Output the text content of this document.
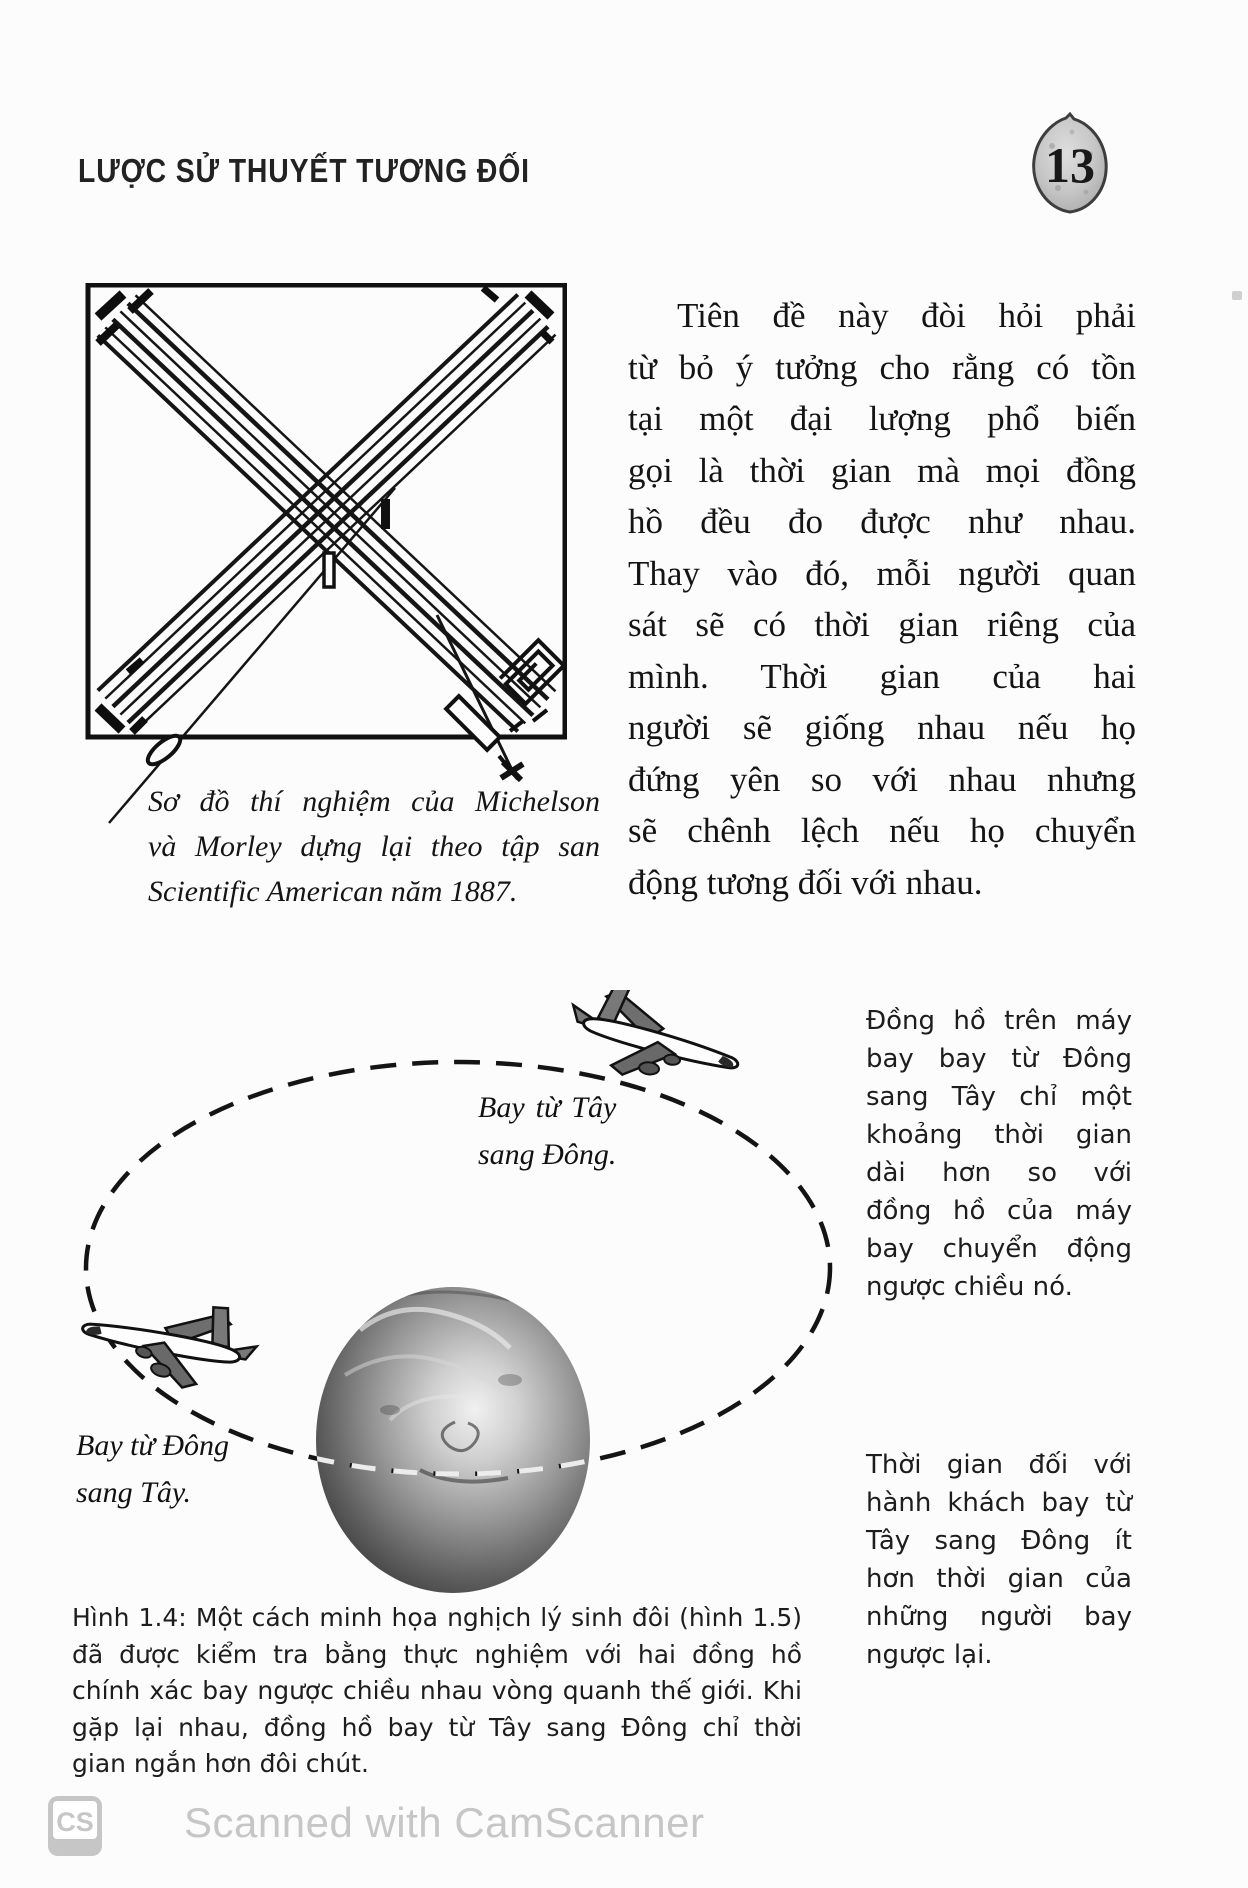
LƯỢC SỬ THUYẾT TƯƠNG ĐỐI	13
Sơ đồ thí nghiệm của Michelson
và Morley dựng lại theo tập san
Scientific American năm 1887.
Tiên đề này đòi hỏi phải
từ bỏ ý tưởng cho rằng có tồn
tại một đại lượng phổ biến
gọi là thời gian mà mọi đồng
hồ đều đo được như nhau.
Thay vào đó, mỗi người quan
sát sẽ có thời gian riêng của
mình. Thời gian của hai
người sẽ giống nhau nếu họ
đứng yên so với nhau nhưng
sẽ chênh lệch nếu họ chuyển
động tương đối với nhau.
Bay từ Tây
sang Đông.
Bay từ Đông
sang Tây.
Đồng hồ trên máy
bay bay từ Đông
sang Tây chỉ một
khoảng thời gian
dài hơn so với
đồng hồ của máy
bay chuyển động
ngược chiều nó.
Thời gian đối với
hành khách bay từ
Tây sang Đông ít
hơn thời gian của
những người bay
ngược lại.
Hình 1.4: Một cách minh họa nghịch lý sinh đôi (hình 1.5)
đã được kiểm tra bằng thực nghiệm với hai đồng hồ
chính xác bay ngược chiều nhau vòng quanh thế giới. Khi
gặp lại nhau, đồng hồ bay từ Tây sang Đông chỉ thời
gian ngắn hơn đôi chút.
CS Scanned with CamScanner
